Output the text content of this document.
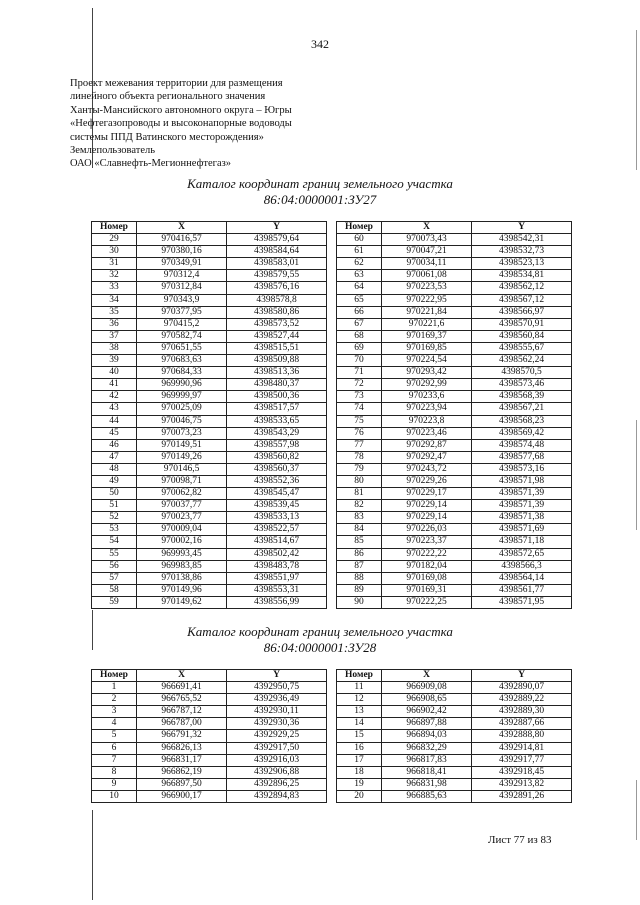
342
Проект межевания территории для размещения
линейного объекта регионального значения
Ханты-Мансийского автономного округа – Югры
«Нефтегазопроводы и высоконапорные водоводы
системы ППД Ватинского месторождения»
Землепользователь
ОАО «Славнефть-Мегионнефтегаз»
Каталог координат границ земельного участка
86:04:0000001:ЗУ27
Номер	X	Y
29	970416,57	4398579,64
30	970380,16	4398584,64
31	970349,91	4398583,01
32	970312,4	4398579,55
33	970312,84	4398576,16
34	970343,9	4398578,8
35	970377,95	4398580,86
36	970415,2	4398573,52
37	970582,74	4398527,44
38	970651,55	4398515,51
39	970683,63	4398509,88
40	970684,33	4398513,36
41	969990,96	4398480,37
42	969999,97	4398500,36
43	970025,09	4398517,57
44	970046,75	4398533,65
45	970073,23	4398543,29
46	970149,51	4398557,98
47	970149,26	4398560,82
48	970146,5	4398560,37
49	970098,71	4398552,36
50	970062,82	4398545,47
51	970037,77	4398539,45
52	970023,77	4398533,13
53	970009,04	4398522,57
54	970002,16	4398514,67
55	969993,45	4398502,42
56	969983,85	4398483,78
57	970138,86	4398551,97
58	970149,96	4398553,31
59	970149,62	4398556,99
Номер	X	Y
60	970073,43	4398542,31
61	970047,21	4398532,73
62	970034,11	4398523,13
63	970061,08	4398534,81
64	970223,53	4398562,12
65	970222,95	4398567,12
66	970221,84	4398566,97
67	970221,6	4398570,91
68	970169,37	4398560,84
69	970169,85	4398555,67
70	970224,54	4398562,24
71	970293,42	4398570,5
72	970292,99	4398573,46
73	970233,6	4398568,39
74	970223,94	4398567,21
75	970223,8	4398568,23
76	970223,46	4398569,42
77	970292,87	4398574,48
78	970292,47	4398577,68
79	970243,72	4398573,16
80	970229,26	4398571,98
81	970229,17	4398571,39
82	970229,14	4398571,39
83	970229,14	4398571,38
84	970226,03	4398571,69
85	970223,37	4398571,18
86	970222,22	4398572,65
87	970182,04	4398566,3
88	970169,08	4398564,14
89	970169,31	4398561,77
90	970222,25	4398571,95
Каталог координат границ земельного участка
86:04:0000001:ЗУ28
Номер	X	Y
1	966691,41	4392950,75
2	966765,52	4392936,49
3	966787,12	4392930,11
4	966787,00	4392930,36
5	966791,32	4392929,25
6	966826,13	4392917,50
7	966831,17	4392916,03
8	966862,19	4392906,88
9	966897,50	4392896,25
10	966900,17	4392894,83
Номер	X	Y
11	966909,08	4392890,07
12	966908,65	4392889,22
13	966902,42	4392889,30
14	966897,88	4392887,66
15	966894,03	4392888,80
16	966832,29	4392914,81
17	966817,83	4392917,77
18	966818,41	4392918,45
19	966831,98	4392913,82
20	966885,63	4392891,26
Лист 77 из 83
